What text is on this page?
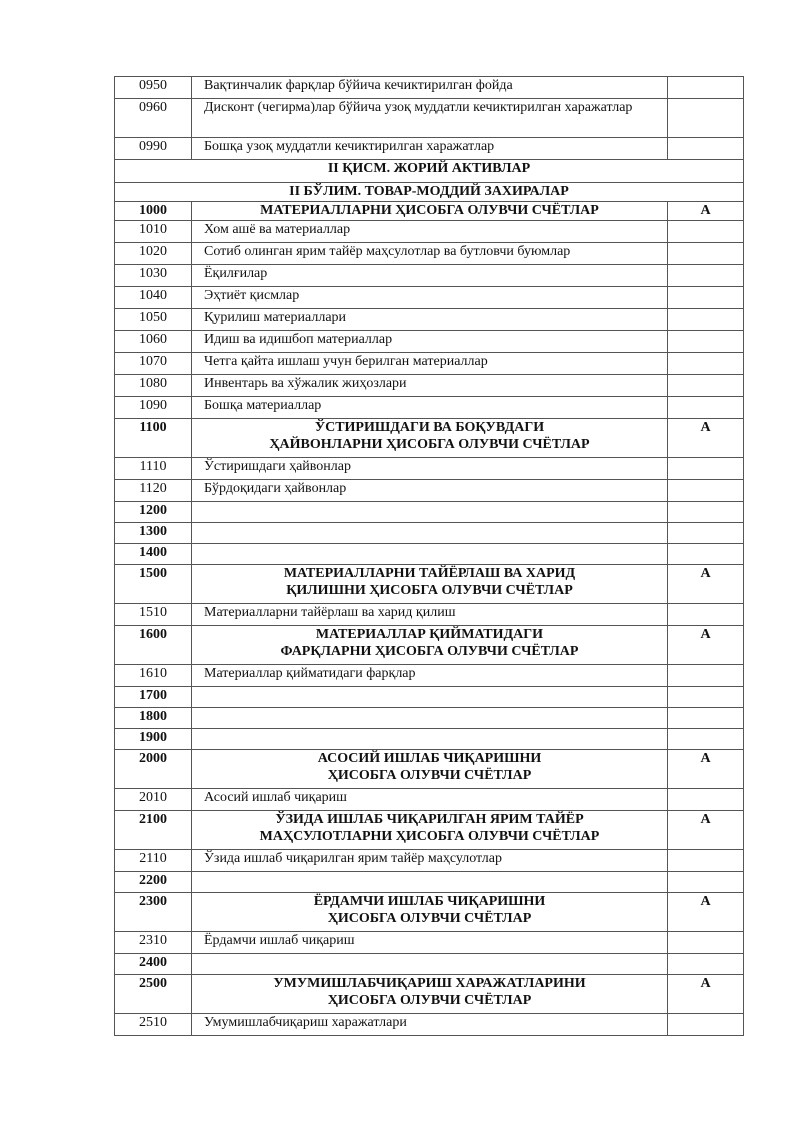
0950	Вақтинчалик фарқлар бўйича кечиктирилган фойда	
0960	Дисконт (чегирма)лар бўйича узоқ муддатли кечиктирилган харажатлар	
0990	Бошқа узоқ муддатли кечиктирилган харажатлар	
II ҚИСМ. ЖОРИЙ АКТИВЛАР		
II БЎЛИМ. ТОВАР-МОДДИЙ ЗАХИРАЛАР		
1000	МАТЕРИАЛЛАРНИ ҲИСОБГА ОЛУВЧИ СЧЁТЛАР	А
1010	Хом ашё ва материаллар	
1020	Сотиб олинган ярим тайёр маҳсулотлар ва бутловчи буюмлар	
1030	Ёқилғилар	
1040	Эҳтиёт қисмлар	
1050	Қурилиш материаллари	
1060	Идиш ва идишбоп материаллар	
1070	Четга қайта ишлаш учун берилган материаллар	
1080	Инвентарь ва хўжалик жиҳозлари	
1090	Бошқа материаллар	
1100	ЎСТИРИШДАГИ ВА БОҚУВДАГИ
ҲАЙВОНЛАРНИ ҲИСОБГА ОЛУВЧИ СЧЁТЛАР	А
1110	Ўстиришдаги ҳайвонлар	
1120	Бўрдоқидаги ҳайвонлар	
1200		
1300		
1400		
1500	МАТЕРИАЛЛАРНИ ТАЙЁРЛАШ ВА ХАРИД
ҚИЛИШНИ ҲИСОБГА ОЛУВЧИ СЧЁТЛАР	А
1510	Материалларни тайёрлаш ва харид қилиш	
1600	МАТЕРИАЛЛАР ҚИЙМАТИДАГИ
ФАРҚЛАРНИ ҲИСОБГА ОЛУВЧИ СЧЁТЛАР	А
1610	Материаллар қийматидаги фарқлар	
1700		
1800		
1900		
2000	АСОСИЙ ИШЛАБ ЧИҚАРИШНИ
ҲИСОБГА ОЛУВЧИ СЧЁТЛАР	А
2010	Асосий ишлаб чиқариш	
2100	ЎЗИДА ИШЛАБ ЧИҚАРИЛГАН ЯРИМ ТАЙЁР
МАҲСУЛОТЛАРНИ ҲИСОБГА ОЛУВЧИ СЧЁТЛАР	А
2110	Ўзида ишлаб чиқарилган ярим тайёр маҳсулотлар	
2200		
2300	ЁРДАМЧИ ИШЛАБ ЧИҚАРИШНИ
ҲИСОБГА ОЛУВЧИ СЧЁТЛАР	А
2310	Ёрдамчи ишлаб чиқариш	
2400		
2500	УМУМИШЛАБЧИҚАРИШ ХАРАЖАТЛАРИНИ
ҲИСОБГА ОЛУВЧИ СЧЁТЛАР	А
2510	Умумишлабчиқариш харажатлари	
